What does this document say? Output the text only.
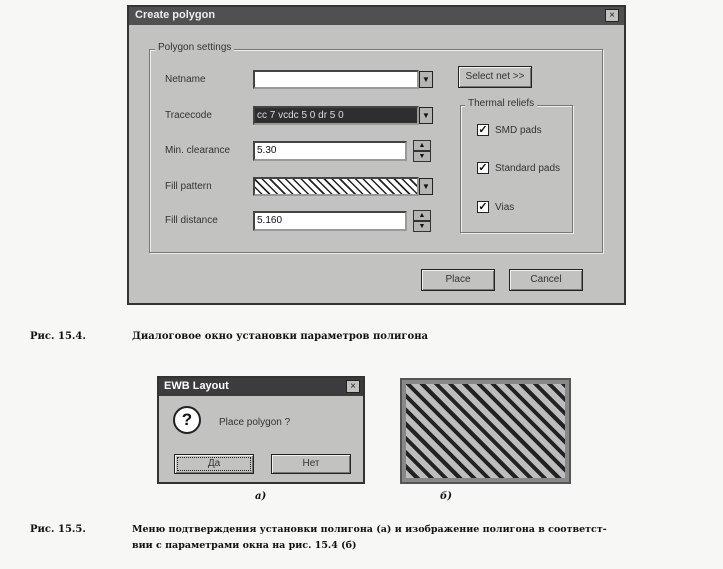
Create polygon	×
Polygon settings
Netname	▼	Select net >>
Tracecode	cc 7 vcdc 5 0 dr 5 0	▼
Min. clearance	5.30	▲
▼
Fill pattern	▼
Fill distance	5.160	▲
▼
Thermal reliefs
✓ SMD pads
✓ Standard pads
✓ Vias
Place	Cancel
Рис. 15.4.	Диалоговое окно установки параметров полигона
EWB Layout	×
?	Place polygon ?
Да	Нет
а)	б)
Рис. 15.5.	Меню подтверждения установки полигона (а) и изображение полигона в соответст-
вии с параметрами окна на рис. 15.4 (б)
